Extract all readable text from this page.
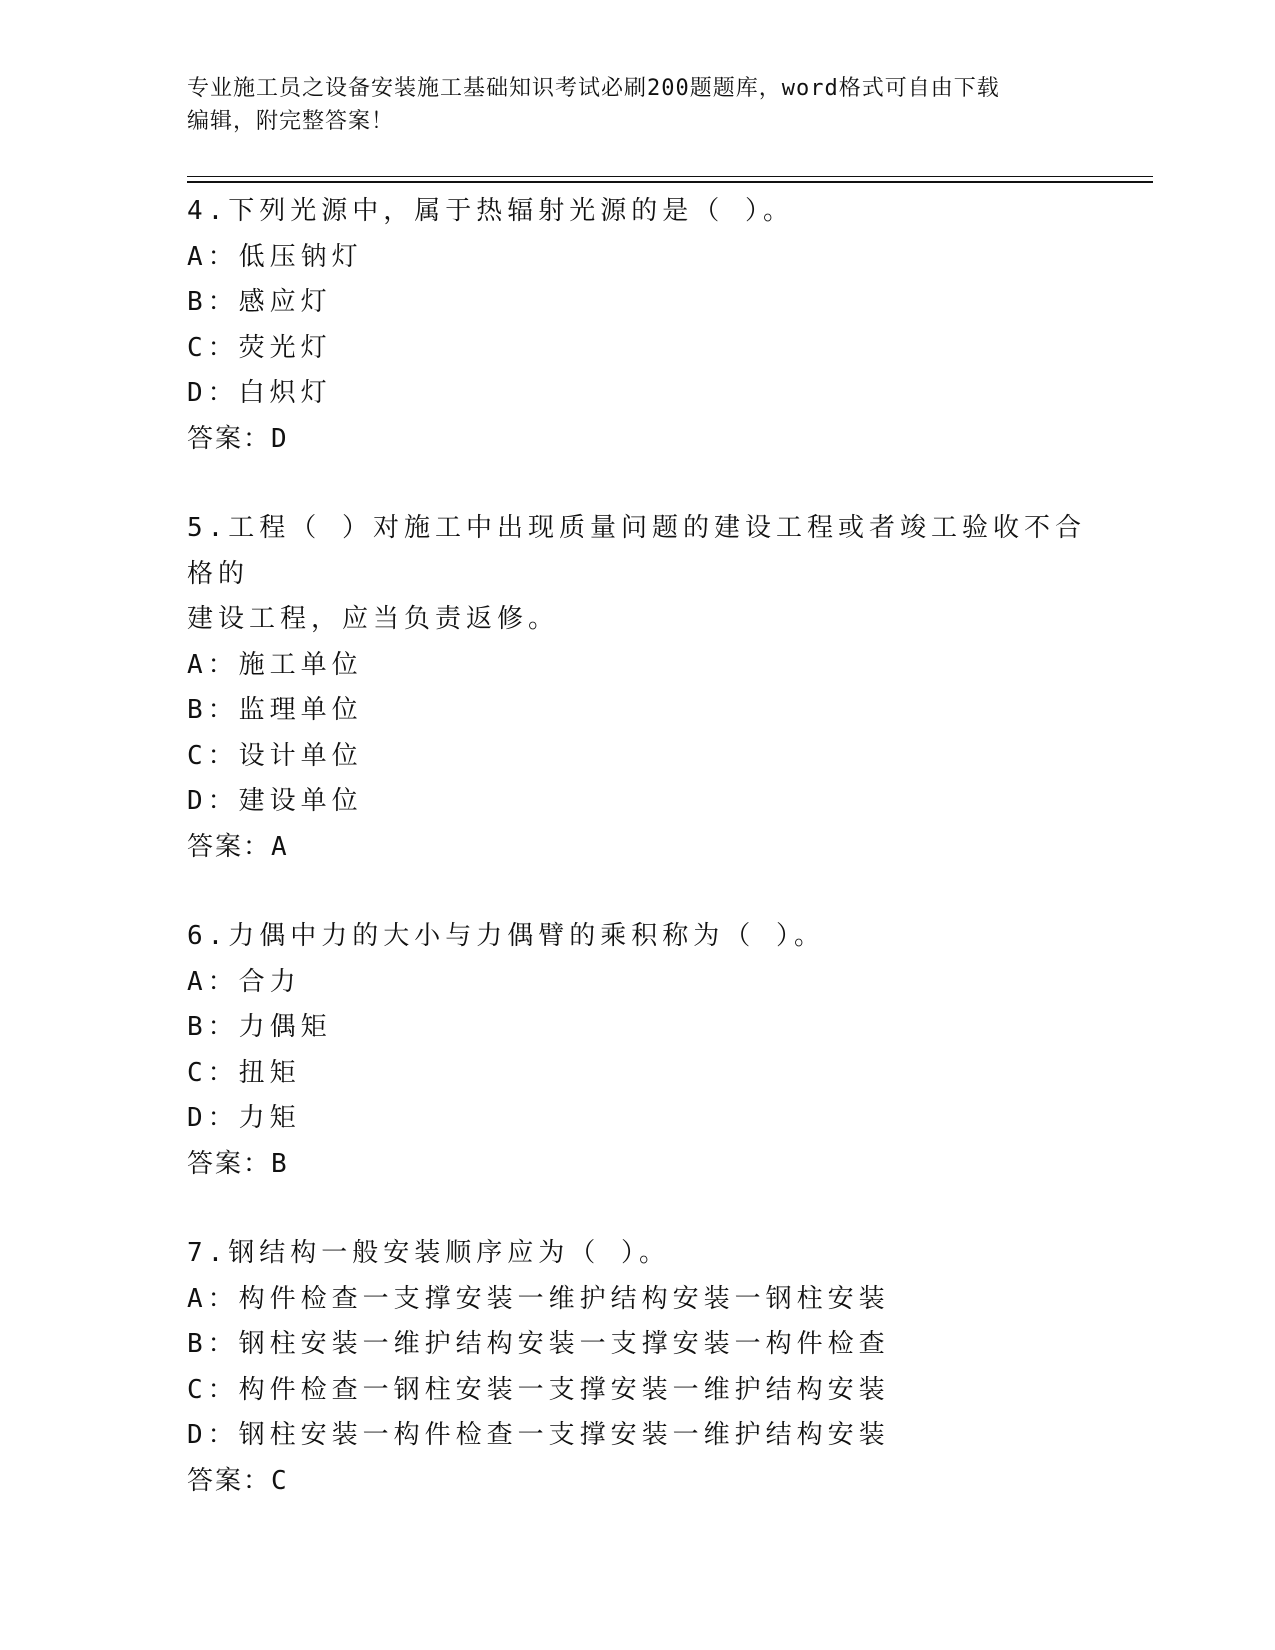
专业施工员之设备安装施工基础知识考试必刷200题题库，word格式可自由下载
编辑，附完整答案！

4.下列光源中，属于热辐射光源的是（ ）。

A：低压钠灯

B：感应灯

C：荧光灯

D：白炽灯

答案：D

5.工程（ ）对施工中出现质量问题的建设工程或者竣工验收不合格的

建设工程，应当负责返修。

A：施工单位

B：监理单位

C：设计单位

D：建设单位

答案：A

6.力偶中力的大小与力偶臂的乘积称为（ ）。

A：合力

B：力偶矩

C：扭矩

D：力矩

答案：B

7.钢结构一般安装顺序应为（ ）。

A：构件检查一支撑安装一维护结构安装一钢柱安装

B：钢柱安装一维护结构安装一支撑安装一构件检查

C：构件检查一钢柱安装一支撑安装一维护结构安装

D：钢柱安装一构件检查一支撑安装一维护结构安装

答案：C
